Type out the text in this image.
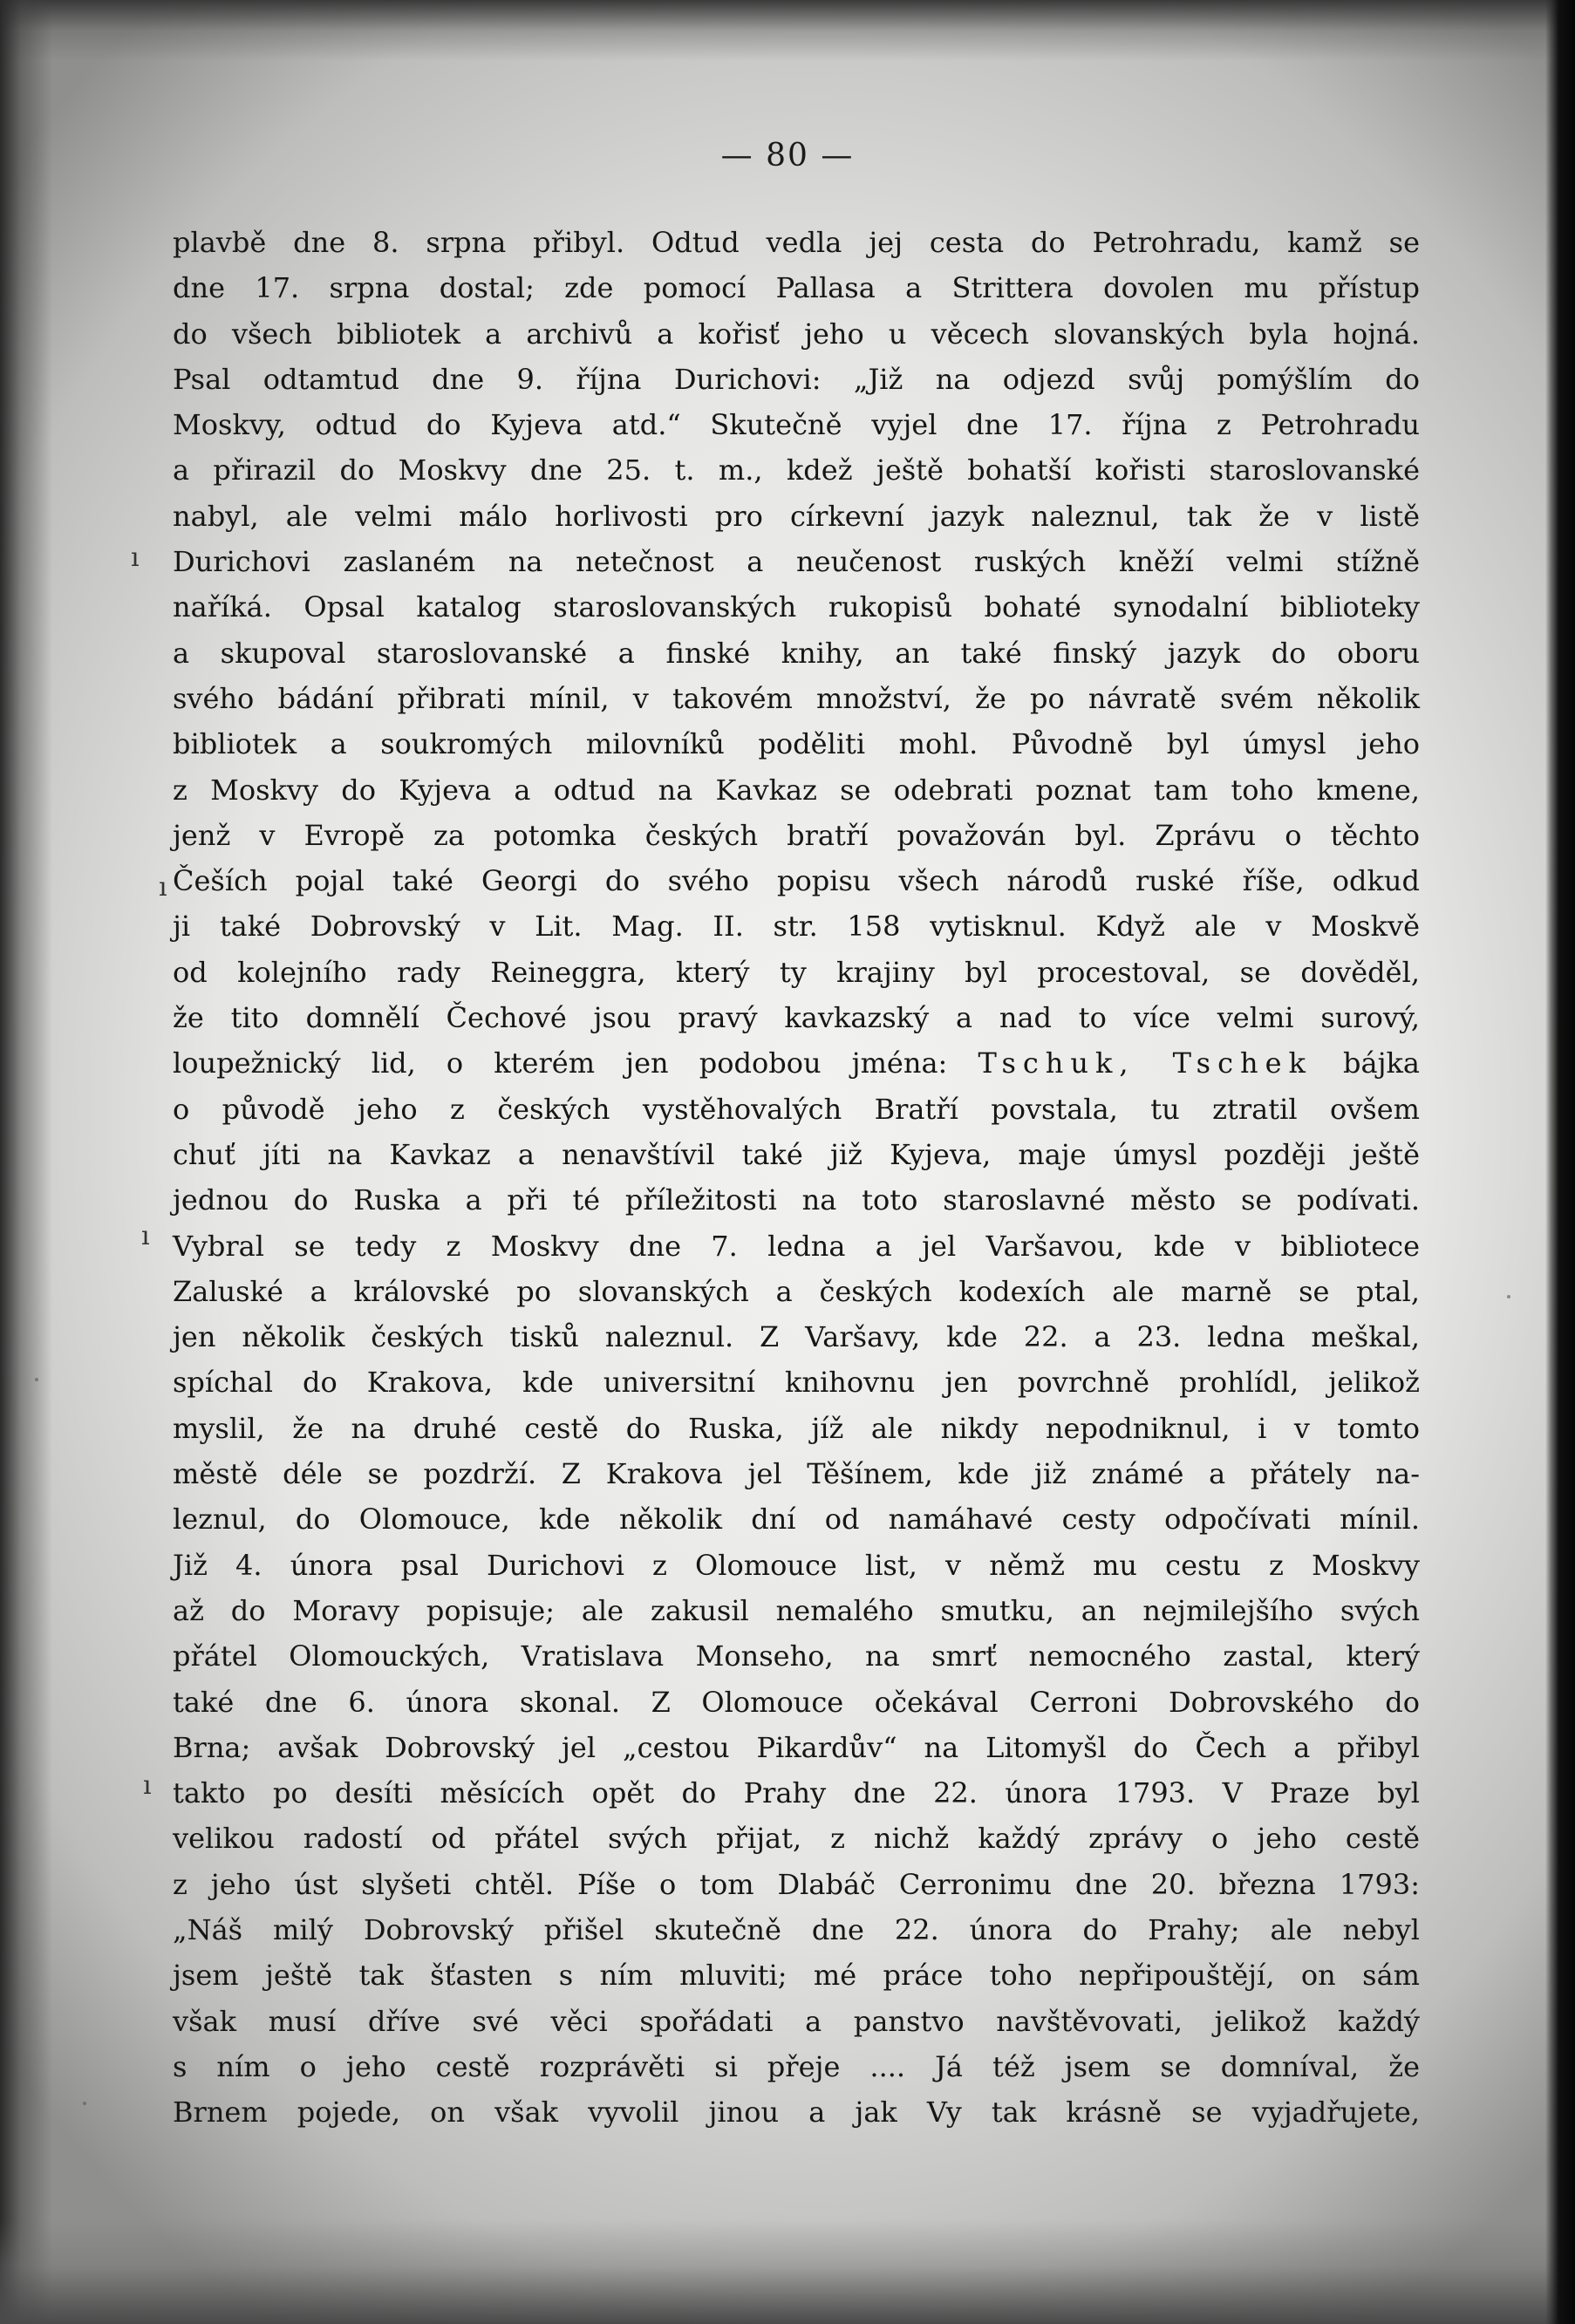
— 80 —
ı
ı
ı
ı
plavbě dne 8. srpna přibyl. Odtud vedla jej cesta do Petrohradu, kamž se
dne 17. srpna dostal; zde pomocí Pallasa a Strittera dovolen mu přístup
do všech bibliotek a archivů a kořisť jeho u věcech slovanských byla hojná.
Psal odtamtud dne 9. října Durichovi: „Již na odjezd svůj pomýšlím do
Moskvy, odtud do Kyjeva atd.“ Skutečně vyjel dne 17. října z Petrohradu
a přirazil do Moskvy dne 25. t. m., kdež ještě bohatší kořisti staroslovanské
nabyl, ale velmi málo horlivosti pro církevní jazyk naleznul, tak že v listě
Durichovi zaslaném na netečnost a neučenost ruských kněží velmi stížně
naříká. Opsal katalog staroslovanských rukopisů bohaté synodalní biblioteky
a skupoval staroslovanské a finské knihy, an také finský jazyk do oboru
svého bádání přibrati mínil, v takovém množství, že po návratě svém několik
bibliotek a soukromých milovníků poděliti mohl. Původně byl úmysl jeho
z Moskvy do Kyjeva a odtud na Kavkaz se odebrati poznat tam toho kmene,
jenž v Evropě za potomka českých bratří považován byl. Zprávu o těchto
Češích pojal také Georgi do svého popisu všech národů ruské říše, odkud
ji také Dobrovský v Lit. Mag. II. str. 158 vytisknul. Když ale v Moskvě
od kolejního rady Reineggra, který ty krajiny byl procestoval, se dověděl,
že tito domnělí Čechové jsou pravý kavkazský a nad to více velmi surový,
loupežnický lid, o kterém jen podobou jména: Tschuk, Tschek bájka
o původě jeho z českých vystěhovalých Bratří povstala, tu ztratil ovšem
chuť jíti na Kavkaz a nenavštívil také již Kyjeva, maje úmysl později ještě
jednou do Ruska a při té příležitosti na toto staroslavné město se podívati.
Vybral se tedy z Moskvy dne 7. ledna a jel Varšavou, kde v bibliotece
Zaluské a královské po slovanských a českých kodexích ale marně se ptal,
jen několik českých tisků naleznul. Z Varšavy, kde 22. a 23. ledna meškal,
spíchal do Krakova, kde universitní knihovnu jen povrchně prohlídl, jelikož
myslil, že na druhé cestě do Ruska, jíž ale nikdy nepodniknul, i v tomto
městě déle se pozdrží. Z Krakova jel Těšínem, kde již známé a přátely na-
leznul, do Olomouce, kde několik dní od namáhavé cesty odpočívati mínil.
Již 4. února psal Durichovi z Olomouce list, v němž mu cestu z Moskvy
až do Moravy popisuje; ale zakusil nemalého smutku, an nejmilejšího svých
přátel Olomouckých, Vratislava Monseho, na smrť nemocného zastal, který
také dne 6. února skonal. Z Olomouce očekával Cerroni Dobrovského do
Brna; avšak Dobrovský jel „cestou Pikardův“ na Litomyšl do Čech a přibyl
takto po desíti měsících opět do Prahy dne 22. února 1793. V Praze byl
velikou radostí od přátel svých přijat, z nichž každý zprávy o jeho cestě
z jeho úst slyšeti chtěl. Píše o tom Dlabáč Cerronimu dne 20. března 1793:
„Náš milý Dobrovský přišel skutečně dne 22. února do Prahy; ale nebyl
jsem ještě tak šťasten s ním mluviti; mé práce toho nepřipouštějí, on sám
však musí dříve své věci spořádati a panstvo navštěvovati, jelikož každý
s ním o jeho cestě rozprávěti si přeje .... Já též jsem se domníval, že
Brnem pojede, on však vyvolil jinou a jak Vy tak krásně se vyjadřujete,
